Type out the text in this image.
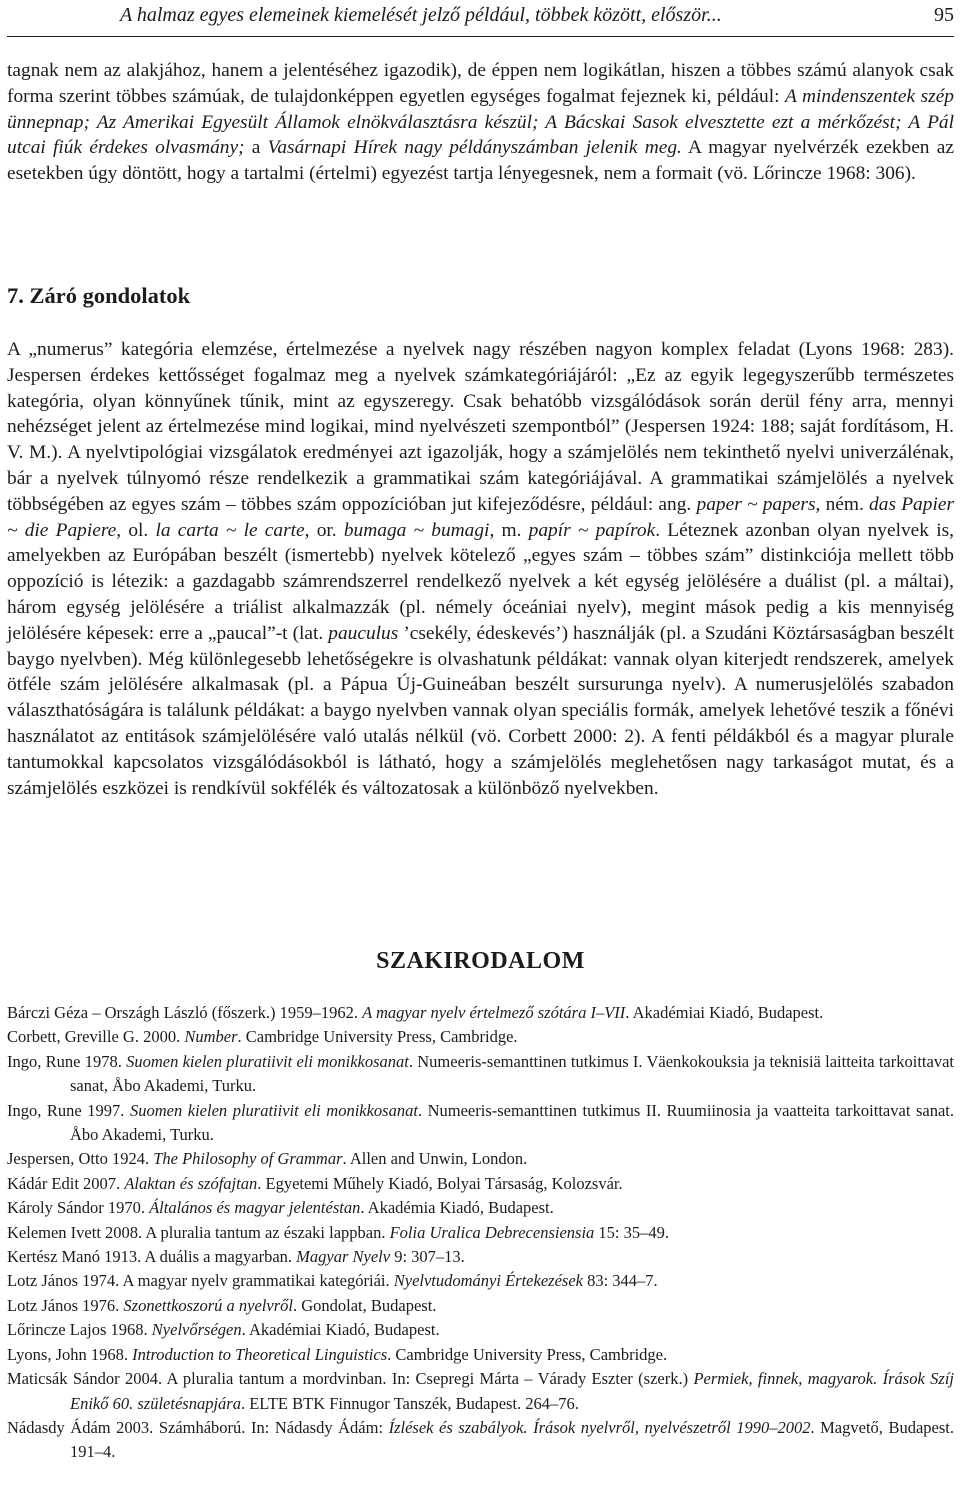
A halmaz egyes elemeinek kiemelését jelző például, többek között, először...	95

tagnak nem az alakjához, hanem a jelentéséhez igazodik), de éppen nem logikátlan, hiszen a többes számú alanyok csak forma szerint többes számúak, de tulajdonképpen egyetlen egységes fogalmat fejeznek ki, például: A mindenszentek szép ünnepnap; Az Amerikai Egyesült Államok elnökválasztásra készül; A Bácskai Sasok elvesztette ezt a mérkőzést; A Pál utcai fiúk érdekes olvasmány; a Vasárnapi Hírek nagy példányszámban jelenik meg. A magyar nyelvérzék ezekben az esetekben úgy döntött, hogy a tartalmi (értelmi) egyezést tartja lényegesnek, nem a formait (vö. Lőrincze 1968: 306).

7. Záró gondolatok

A „numerus” kategória elemzése, értelmezése a nyelvek nagy részében nagyon komplex feladat (Lyons 1968: 283). Jespersen érdekes kettősséget fogalmaz meg a nyelvek számkategóriájáról: „Ez az egyik legegyszerűbb természetes kategória, olyan könnyűnek tűnik, mint az egyszeregy. Csak behatóbb vizsgálódások során derül fény arra, mennyi nehézséget jelent az értelmezése mind logikai, mind nyelvészeti szempontból” (Jespersen 1924: 188; saját fordításom, H. V. M.). A nyelvtipológiai vizsgálatok eredményei azt igazolják, hogy a számjelölés nem tekinthető nyelvi univerzálénak, bár a nyelvek túlnyomó része rendelkezik a grammatikai szám kategóriájával. A grammatikai számjelölés a nyelvek többségében az egyes szám – többes szám oppozícióban jut kifejeződésre, például: ang. paper ~ papers, ném. das Papier ~ die Papiere, ol. la carta ~ le carte, or. bumaga ~ bumagi, m. papír ~ papírok. Léteznek azonban olyan nyelvek is, amelyekben az Európában beszélt (ismertebb) nyelvek kötelező „egyes szám – többes szám” distinkciója mellett több oppozíció is létezik: a gazdagabb számrendszerrel rendelkező nyelvek a két egység jelölésére a duálist (pl. a máltai), három egység jelölésére a triálist alkalmazzák (pl. némely óceániai nyelv), megint mások pedig a kis mennyiség jelölésére képesek: erre a „paucal”-t (lat. pauculus ’csekély, édeskevés’) használják (pl. a Szudáni Köztársaságban beszélt baygo nyelvben). Még különlegesebb lehetőségekre is olvashatunk példákat: vannak olyan kiterjedt rendszerek, amelyek ötféle szám jelölésére alkalmasak (pl. a Pápua Új-Guineában beszélt sursurunga nyelv). A numerusjelölés szabadon választhatóságára is találunk példákat: a baygo nyelvben vannak olyan speciális formák, amelyek lehetővé teszik a főnévi használatot az entitások számjelölésére való utalás nélkül (vö. Corbett 2000: 2). A fenti példákból és a magyar plurale tantumokkal kapcsolatos vizsgálódásokból is látható, hogy a számjelölés meglehetősen nagy tarkaságot mutat, és a számjelölés eszközei is rendkívül sokfélék és változatosak a különböző nyelvekben.

SZAKIRODALOM
Bárczi Géza – Országh László (főszerk.) 1959–1962. A magyar nyelv értelmező szótára I–VII. Akadémiai Kiadó, Budapest.
Corbett, Greville G. 2000. Number. Cambridge University Press, Cambridge.
Ingo, Rune 1978. Suomen kielen pluratiivit eli monikkosanat. Numeeris-semanttinen tutkimus I. Väenkokouksia ja teknisiä laitteita tarkoittavat sanat, Åbo Akademi, Turku.
Ingo, Rune 1997. Suomen kielen pluratiivit eli monikkosanat. Numeeris-semanttinen tutkimus II. Ruumiinosia ja vaatteita tarkoittavat sanat. Åbo Akademi, Turku.
Jespersen, Otto 1924. The Philosophy of Grammar. Allen and Unwin, London.
Kádár Edit 2007. Alaktan és szófajtan. Egyetemi Műhely Kiadó, Bolyai Társaság, Kolozsvár.
Károly Sándor 1970. Általános és magyar jelentéstan. Akadémia Kiadó, Budapest.
Kelemen Ivett 2008. A pluralia tantum az északi lappban. Folia Uralica Debrecensiensia 15: 35–49.
Kertész Manó 1913. A duális a magyarban. Magyar Nyelv 9: 307–13.
Lotz János 1974. A magyar nyelv grammatikai kategóriái. Nyelvtudományi Értekezések 83: 344–7.
Lotz János 1976. Szonettkoszorú a nyelvről. Gondolat, Budapest.
Lőrincze Lajos 1968. Nyelvőrségen. Akadémiai Kiadó, Budapest.
Lyons, John 1968. Introduction to Theoretical Linguistics. Cambridge University Press, Cambridge.
Maticsák Sándor 2004. A pluralia tantum a mordvinban. In: Csepregi Márta – Várady Eszter (szerk.) Permiek, finnek, magyarok. Írások Szíj Enikő 60. születésnapjára. ELTE BTK Finnugor Tanszék, Budapest. 264–76.
Nádasdy Ádám 2003. Számháború. In: Nádasdy Ádám: Ízlések és szabályok. Írások nyelvről, nyelvészetről 1990–2002. Magvető, Budapest. 191–4.
